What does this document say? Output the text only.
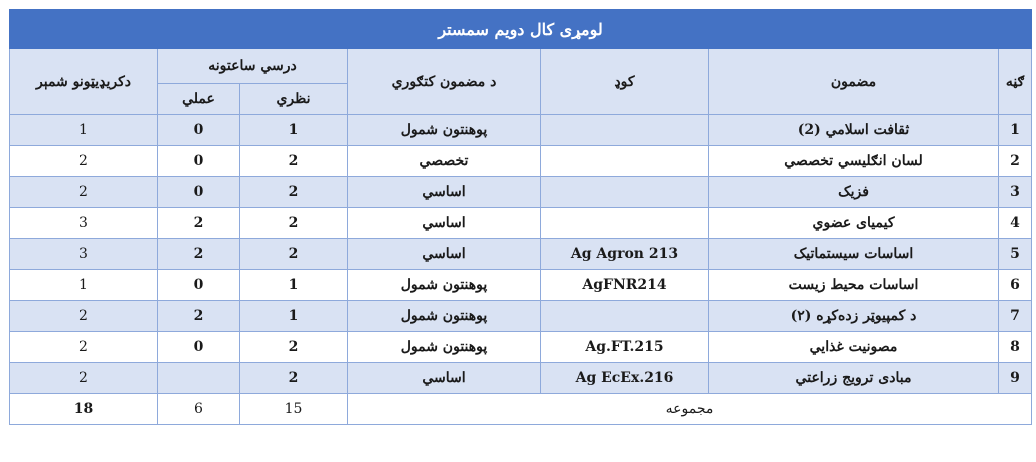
لومړی کال دویم سمستر						
دکریډیټونو شمېر	درسي ساعتونه		د مضمون کتګوري	کوډ	مضمون	ګڼه
	عملي	نظري				
1	0	1	پوهنتون شمول		ثقافت اسلامي (2)	1
2	0	2	تخصصي		لسان انګلیسي تخصصي	2
2	0	2	اساسي		فزیک	3
3	2	2	اساسي		کیمیای عضوي	4
3	2	2	اساسي	Ag Agron 213	اساسات سیستماتیک	5
1	0	1	پوهنتون شمول	AgFNR214	اساسات محیط زیست	6
2	2	1	پوهنتون شمول		د کمپیوټر زده‌کړه (۲)	7
2	0	2	پوهنتون شمول	Ag.FT.215	مصونیت غذایي	8
2		2	اساسي	Ag EcEx.216	مبادی ترویج زراعتي	9
18	6	15	مجموعه			
